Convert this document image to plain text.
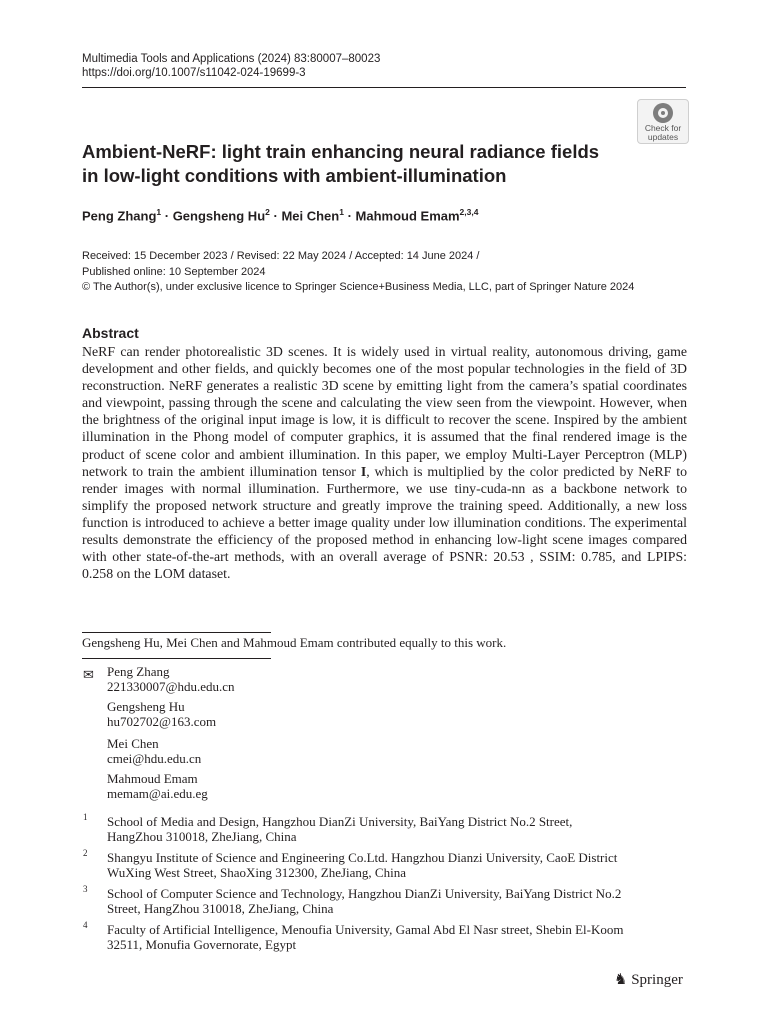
Multimedia Tools and Applications (2024) 83:80007–80023
https://doi.org/10.1007/s11042-024-19699-3
Check for
updates
Ambient-NeRF: light train enhancing neural radiance fields
in low-light conditions with ambient-illumination
Peng Zhang$^1$ · Gengsheng $Hu^2$ · Mei Chen$^1$ · Mahmoud Emam$^{2,3,4}$
Received: 15 December 2023 / Revised: 22 May 2024 / Accepted: 14 June 2024 /
Published online: 10 September 2024
© The Author(s), under exclusive licence to Springer Science+Business Media, LLC, part of Springer Nature 2024
Abstract

NeRF can render photorealistic 3D scenes. It is widely used in virtual reality, autonomous driving, game development and other fields, and quickly becomes one of the most popular technologies in the field of 3D reconstruction. NeRF generates a realistic 3D scene by emitting light from the camera’s spatial coordinates and viewpoint, passing through the scene and calculating the view seen from the viewpoint. However, when the brightness of the original input image is low, it is difficult to recover the scene. Inspired by the ambient illumination in the Phong model of computer graphics, it is assumed that the final rendered image is the product of scene color and ambient illumination. In this paper, we employ Multi-Layer Perceptron (MLP) network to train the ambient illumination tensor I, which is multiplied by the color predicted by NeRF to render images with normal illumination. Furthermore, we use tiny-cuda-nn as a backbone network to simplify the proposed network structure and greatly improve the training speed. Additionally, a new loss function is introduced to achieve a better image quality under low illumination conditions. The experimental results demonstrate the efficiency of the proposed method in enhancing low-light scene images compared with other state-of-the-art methods, with an overall average of PSNR: 20.53 , SSIM: 0.785, and LPIPS: 0.258 on the LOM dataset.

Gengsheng Hu, Mei Chen and Mahmoud Emam contributed equally to this work.
✉ Peng Zhang
221330007@hdu.edu.cn
Gengsheng Hu
hu702702@163.com
Mei Chen
cmei@hdu.edu.cn
Mahmoud Emam
memam@ai.edu.eg
1 School of Media and Design, Hangzhou DianZi University, BaiYang District No.2 Street,
HangZhou 310018, ZheJiang, China
2 Shangyu Institute of Science and Engineering Co.Ltd. Hangzhou Dianzi University, CaoE District
WuXing West Street, ShaoXing 312300, ZheJiang, China
3 School of Computer Science and Technology, Hangzhou DianZi University, BaiYang District No.2
Street, HangZhou 310018, ZheJiang, China
4 Faculty of Artificial Intelligence, Menoufia University, Gamal Abd El Nasr street, Shebin El-Koom
32511, Monufia Governorate, Egypt
♞ Springer
